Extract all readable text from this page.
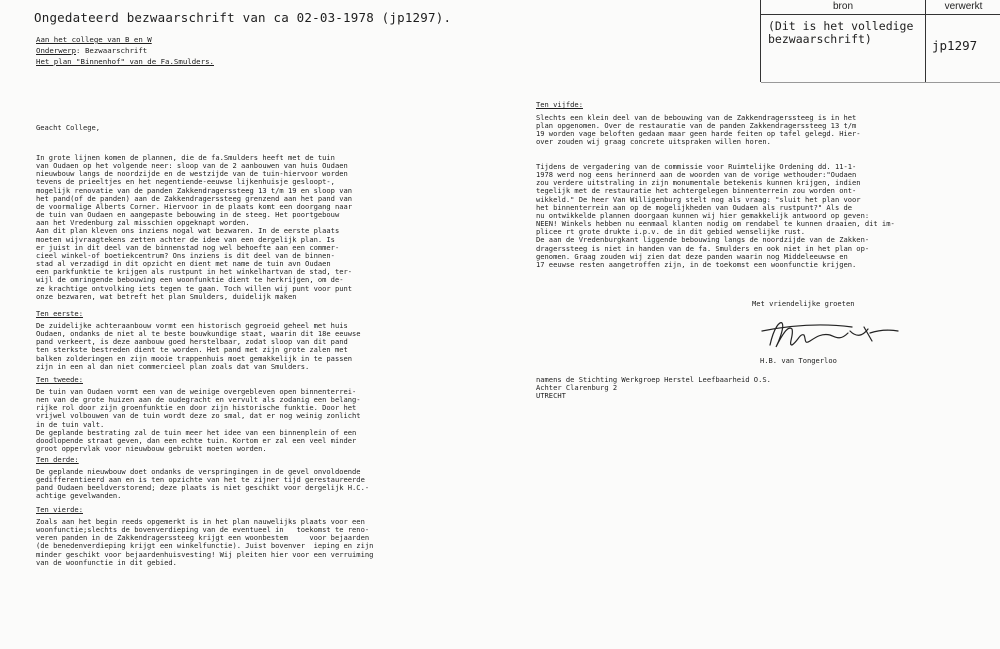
Ongedateerd bezwaarschrift van ca 02-03-1978 (jp1297).
Aan het college van B en W
Onderwerp: Bezwaarschrift
Het plan "Binnenhof" van de Fa.Smulders.
bron	verwerkt
(Dit is het volledige
bezwaarschrift)	jp1297
Geacht College,
In grote lijnen komen de plannen, die de fa.Smulders heeft met de tuin
van Oudaen op het volgende neer: sloop van de 2 aanbouwen van huis Oudaen
nieuwbouw langs de noordzijde en de westzijde van de tuin-hiervoor worden
tevens de prieeltjes en het negentiende-eeuwse lijkenhuisje gesloopt-,
mogelijk renovatie van de panden Zakkendragerssteeg 13 t/m 19 en sloop van
het pand(of de panden) aan de Zakkendragerssteeg grenzend aan het pand van
de voormalige Alberts Corner. Hiervoor in de plaats komt een doorgang naar
de tuin van Oudaen en aangepaste bebouwing in de steeg. Het poortgebouw
aan het Vredenburg zal misschien opgeknapt worden.
Aan dit plan kleven ons inziens nogal wat bezwaren. In de eerste plaats
moeten wijvraagtekens zetten achter de idee van een dergelijk plan. Is
er juist in dit deel van de binnenstad nog wel behoefte aan een commer-
cieel winkel-of boetiekcentrum? Ons inziens is dit deel van de binnen-
stad al verzadigd in dit opzicht en dient met name de tuin avn Oudaen
een parkfunktie te krijgen als rustpunt in het winkelhartvan de stad, ter-
wijl de omringende bebouwing een woonfunktie dient te herkrijgen, om de-
ze krachtige ontvolking iets tegen te gaan. Toch willen wij punt voor punt
onze bezwaren, wat betreft het plan Smulders, duidelijk maken
Ten eerste:
De zuidelijke achteraanbouw vormt een historisch gegroeid geheel met huis
Oudaen, ondanks de niet al te beste bouwkundige staat, waarin dit 18e eeuwse
pand verkeert, is deze aanbouw goed herstelbaar, zodat sloop van dit pand
ten sterkste bestreden dient te worden. Het pand met zijn grote zalen met
balken zolderingen en zijn mooie trappenhuis moet gemakkelijk in te passen
zijn in een al dan niet commercieel plan zoals dat van Smulders.
Ten tweede:
De tuin van Oudaen vormt een van de weinige overgebleven open binnenterrei-
nen van de grote huizen aan de oudegracht en vervult als zodanig een belang-
rijke rol door zijn groenfunktie en door zijn historische funktie. Door het
vrijwel volbouwen van de tuin wordt deze zo smal, dat er nog weinig zonlicht
in de tuin valt.
De geplande bestrating zal de tuin meer het idee van een binnenplein of een
doodlopende straat geven, dan een echte tuin. Kortom er zal een veel minder
groot oppervlak voor nieuwbouw gebruikt moeten worden.
Ten derde:
De geplande nieuwbouw doet ondanks de verspringingen in de gevel onvoldoende
gedifferentieerd aan en is ten opzichte van het te zijner tijd gerestaureerde
pand Oudaen beeldverstorend; deze plaats is niet geschikt voor dergelijk H.C.-
achtige gevelwanden.
Ten vierde:
Zoals aan het begin reeds opgemerkt is in het plan nauwelijks plaats voor een
woonfunctie;slechts de bovenverdieping van de eventueel in   toekomst te reno-
veren panden in de Zakkendragerssteeg krijgt een woonbestem     voor bejaarden
(de benedenverdieping krijgt een winkelfunctie). Juist bovenver  ieping en zijn
minder geschikt voor bejaardenhuisvesting! Wij pleiten hier voor een verruiming
van de woonfunctie in dit gebied.
Ten vijfde:
Slechts een klein deel van de bebouwing van de Zakkendragerssteeg is in het
plan opgenomen. Over de restauratie van de panden Zakkendragerssteeg 13 t/m
19 worden vage beloften gedaan maar geen harde feiten op tafel gelegd. Hier-
over zouden wij graag concrete uitspraken willen horen.
Tijdens de vergadering van de commissie voor Ruimtelijke Ordening dd. 11-1-
1978 werd nog eens herinnerd aan de woorden van de vorige wethouder:"Oudaen
zou verdere uitstraling in zijn monumentale betekenis kunnen krijgen, indien
tegelijk met de restauratie het achtergelegen binnenterrein zou worden ont-
wikkeld." De heer Van Willigenburg stelt nog als vraag: "sluit het plan voor
het binnenterrein aan op de mogelijkheden van Oudaen als rustpunt?" Als de
nu ontwikkelde plannen doorgaan kunnen wij hier gemakkelijk antwoord op geven:
NEEN! Winkels hebben nu eenmaal klanten nodig om rendabel te kunnen draaien, dit im-
plicee rt grote drukte i.p.v. de in dit gebied wenselijke rust.
De aan de Vredenburgkant liggende bebouwing langs de noordzijde van de Zakken-
dragerssteeg is niet in handen van de fa. Smulders en ook niet in het plan op-
genomen. Graag zouden wij zien dat deze panden waarin nog Middeleeuwse en
17 eeuwse resten aangetroffen zijn, in de toekomst een woonfunctie krijgen.
Met vriendelijke groeten
H.B. van Tongerloo
namens de Stichting Werkgroep Herstel Leefbaarheid O.S.
Achter Clarenburg 2
UTRECHT
